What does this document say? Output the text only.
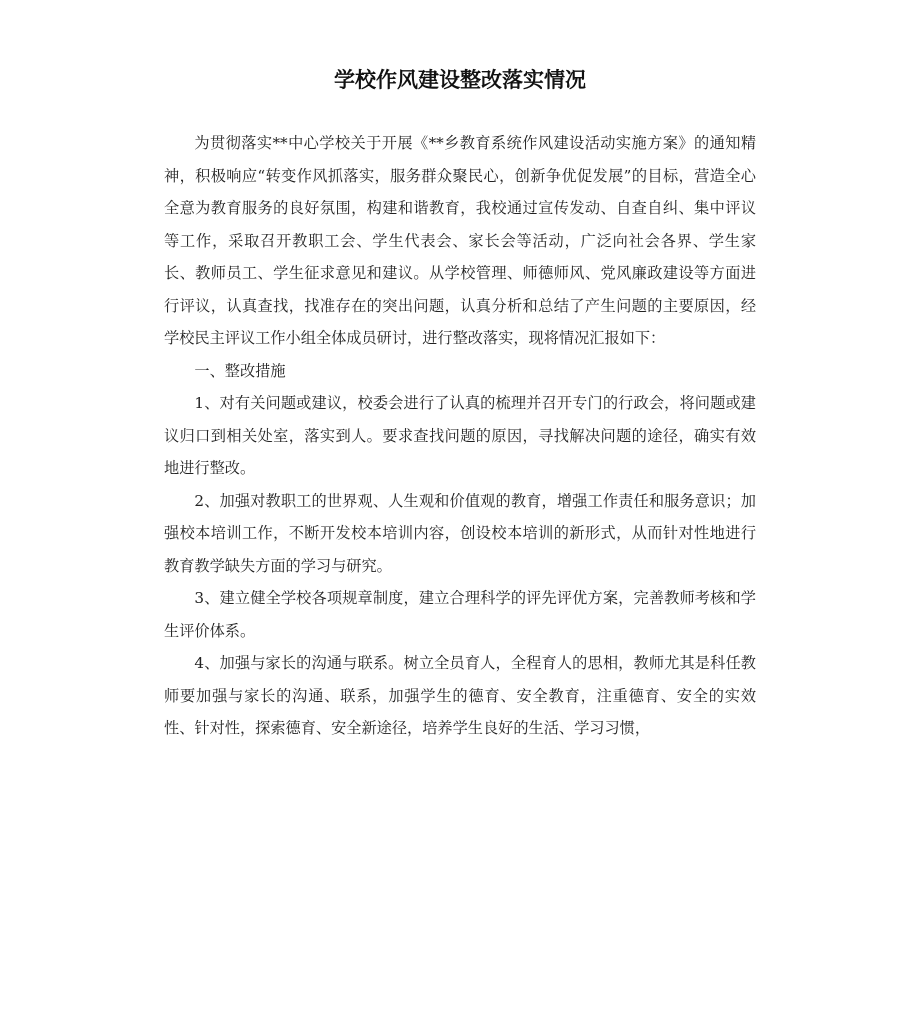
学校作风建设整改落实情况

为贯彻落实**中心学校关于开展《**乡教育系统作风建设活动实施方案》的通知精神，积极响应“转变作风抓落实，服务群众聚民心，创新争优促发展”的目标，营造全心全意为教育服务的良好氛围，构建和谐教育，我校通过宣传发动、自查自纠、集中评议等工作，采取召开教职工会、学生代表会、家长会等活动，广泛向社会各界、学生家长、教师员工、学生征求意见和建议。从学校管理、师德师风、党风廉政建设等方面进行评议，认真查找，找准存在的突出问题，认真分析和总结了产生问题的主要原因，经学校民主评议工作小组全体成员研讨，进行整改落实，现将情况汇报如下：

一、整改措施

1、对有关问题或建议，校委会进行了认真的梳理并召开专门的行政会，将问题或建议归口到相关处室，落实到人。要求查找问题的原因，寻找解决问题的途径，确实有效地进行整改。

2、加强对教职工的世界观、人生观和价值观的教育，增强工作责任和服务意识；加强校本培训工作，不断开发校本培训内容，创设校本培训的新形式，从而针对性地进行教育教学缺失方面的学习与研究。

3、建立健全学校各项规章制度，建立合理科学的评先评优方案，完善教师考核和学生评价体系。

4、加强与家长的沟通与联系。树立全员育人，全程育人的思相，教师尤其是科任教师要加强与家长的沟通、联系，加强学生的德育、安全教育，注重德育、安全的实效性、针对性，探索德育、安全新途径，培养学生良好的生活、学习习惯，
